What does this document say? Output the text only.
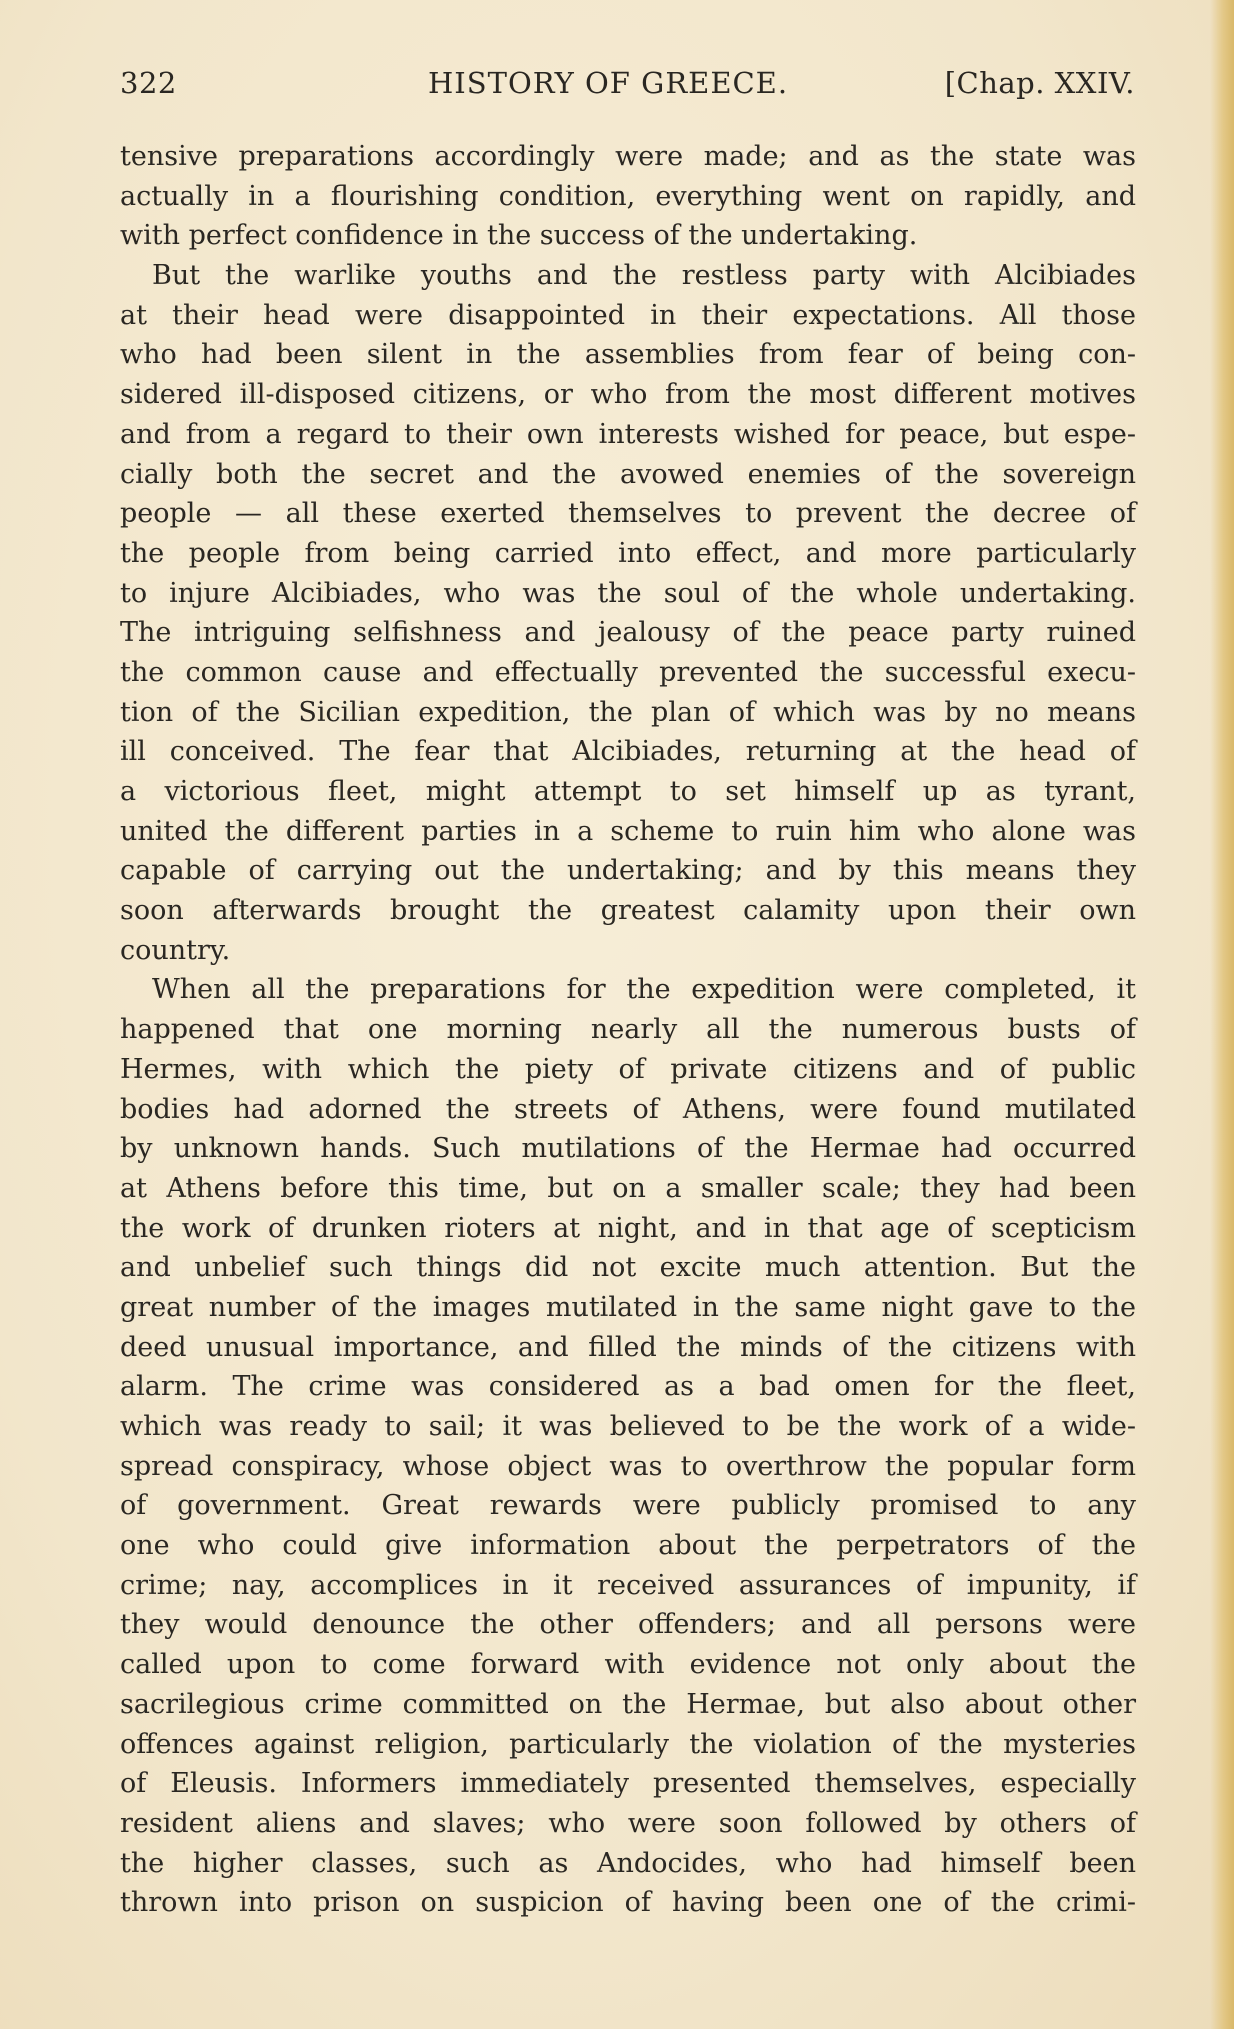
322	HISTORY OF GREECE.	[Chap. XXIV.
tensive preparations accordingly were made; and as the state was
actually in a flourishing condition, everything went on rapidly, and
with perfect confidence in the success of the undertaking.
But the warlike youths and the restless party with Alcibiades
at their head were disappointed in their expectations. All those
who had been silent in the assemblies from fear of being con-
sidered ill-disposed citizens, or who from the most different motives
and from a regard to their own interests wished for peace, but espe-
cially both the secret and the avowed enemies of the sovereign
people — all these exerted themselves to prevent the decree of
the people from being carried into effect, and more particularly
to injure Alcibiades, who was the soul of the whole undertaking.
The intriguing selfishness and jealousy of the peace party ruined
the common cause and effectually prevented the successful execu-
tion of the Sicilian expedition, the plan of which was by no means
ill conceived. The fear that Alcibiades, returning at the head of
a victorious fleet, might attempt to set himself up as tyrant,
united the different parties in a scheme to ruin him who alone was
capable of carrying out the undertaking; and by this means they
soon afterwards brought the greatest calamity upon their own
country.
When all the preparations for the expedition were completed, it
happened that one morning nearly all the numerous busts of
Hermes, with which the piety of private citizens and of public
bodies had adorned the streets of Athens, were found mutilated
by unknown hands. Such mutilations of the Hermae had occurred
at Athens before this time, but on a smaller scale; they had been
the work of drunken rioters at night, and in that age of scepticism
and unbelief such things did not excite much attention. But the
great number of the images mutilated in the same night gave to the
deed unusual importance, and filled the minds of the citizens with
alarm. The crime was considered as a bad omen for the fleet,
which was ready to sail; it was believed to be the work of a wide-
spread conspiracy, whose object was to overthrow the popular form
of government. Great rewards were publicly promised to any
one who could give information about the perpetrators of the
crime; nay, accomplices in it received assurances of impunity, if
they would denounce the other offenders; and all persons were
called upon to come forward with evidence not only about the
sacrilegious crime committed on the Hermae, but also about other
offences against religion, particularly the violation of the mysteries
of Eleusis. Informers immediately presented themselves, especially
resident aliens and slaves; who were soon followed by others of
the higher classes, such as Andocides, who had himself been
thrown into prison on suspicion of having been one of the crimi-
